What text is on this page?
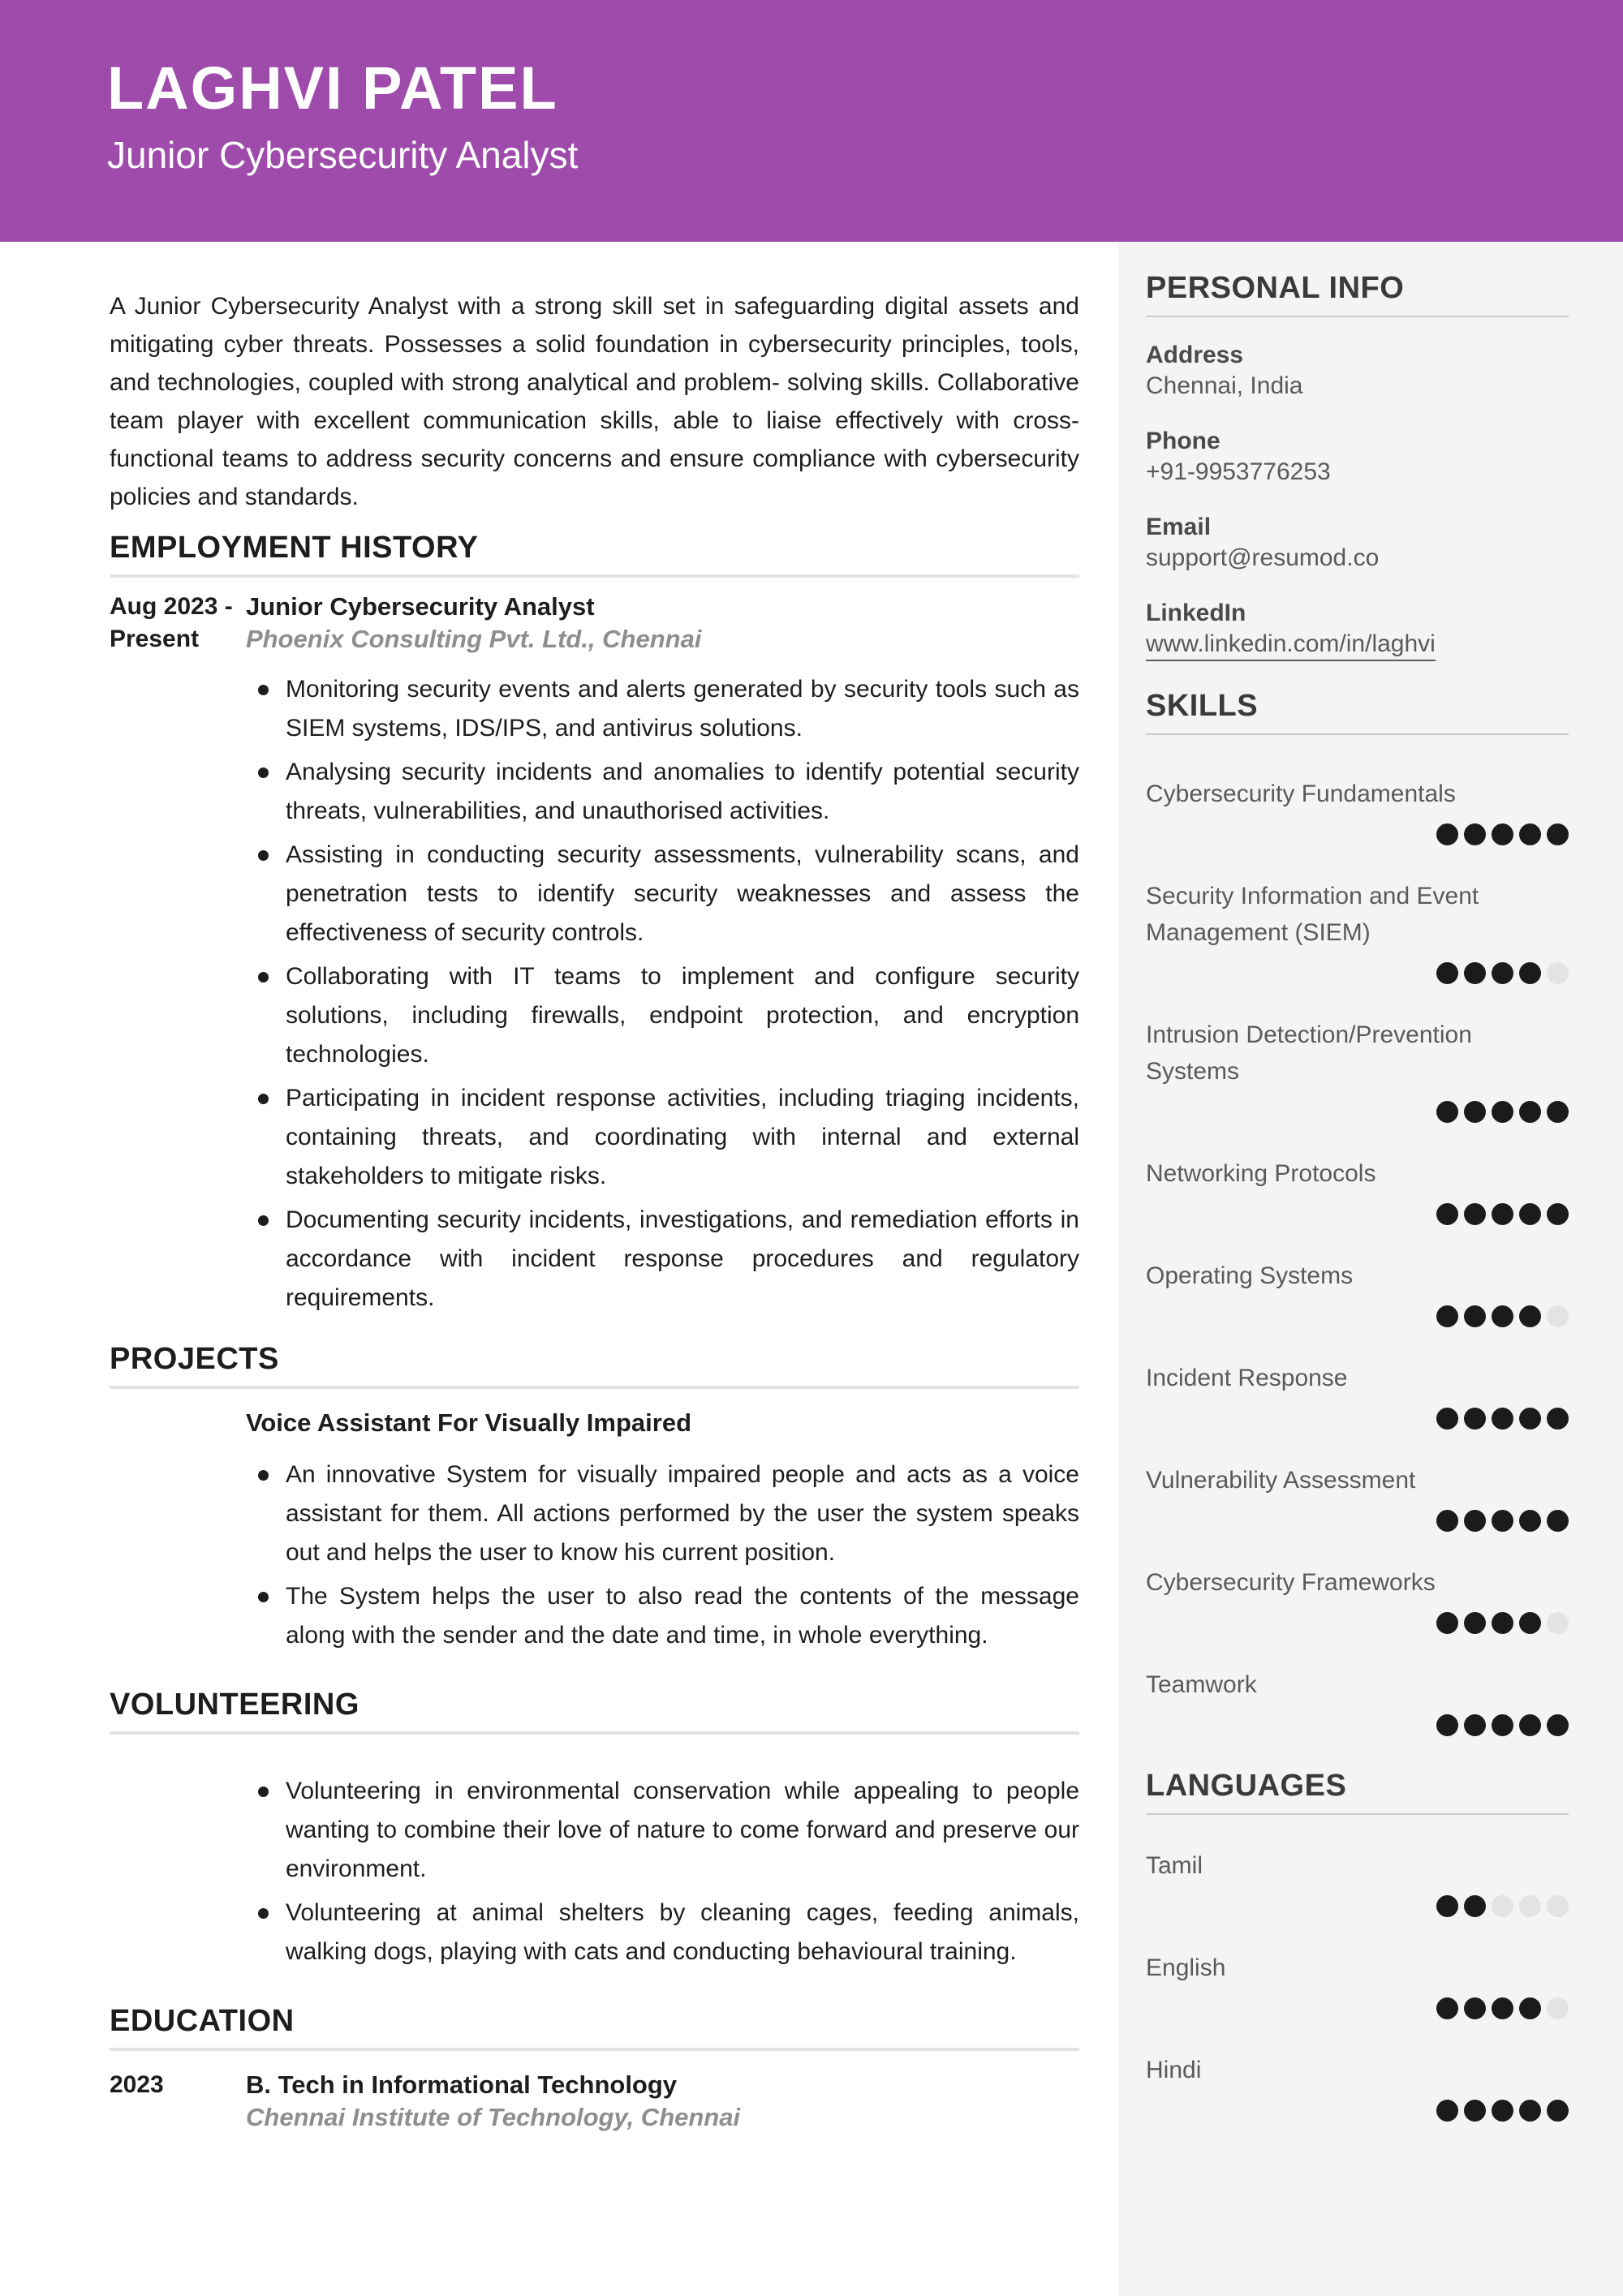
LAGHVI PATEL
Junior Cybersecurity Analyst
A Junior Cybersecurity Analyst with a strong skill set in safeguarding digital assets and mitigating cyber threats. Possesses a solid foundation in cybersecurity principles, tools, and technologies, coupled with strong analytical and problem- solving skills. Collaborative team player with excellent communication skills, able to liaise effectively with cross- functional teams to address security concerns and ensure compliance with cybersecurity policies and standards.
EMPLOYMENT HISTORY
Aug 2023 -
Present
Junior Cybersecurity Analyst
Phoenix Consulting Pvt. Ltd., Chennai
Monitoring security events and alerts generated by security tools such as SIEM systems, IDS/IPS, and antivirus solutions.
Analysing security incidents and anomalies to identify potential security threats, vulnerabilities, and unauthorised activities.
Assisting in conducting security assessments, vulnerability scans, and penetration tests to identify security weaknesses and assess the effectiveness of security controls.
Collaborating with IT teams to implement and configure security solutions, including firewalls, endpoint protection, and encryption technologies.
Participating in incident response activities, including triaging incidents, containing threats, and coordinating with internal and external stakeholders to mitigate risks.
Documenting security incidents, investigations, and remediation efforts in accordance with incident response procedures and regulatory requirements.
PROJECTS
Voice Assistant For Visually Impaired
An innovative System for visually impaired people and acts as a voice assistant for them. All actions performed by the user the system speaks out and helps the user to know his current position.
The System helps the user to also read the contents of the message along with the sender and the date and time, in whole everything.
VOLUNTEERING
Volunteering in environmental conservation while appealing to people wanting to combine their love of nature to come forward and preserve our environment.
Volunteering at animal shelters by cleaning cages, feeding animals, walking dogs, playing with cats and conducting behavioural training.
EDUCATION
2023	B. Tech in Informational Technology
Chennai Institute of Technology, Chennai
PERSONAL INFO
Address
Chennai, India
Phone
+91-9953776253
Email
support@resumod.co
LinkedIn
www.linkedin.com/in/laghvi
SKILLS
Cybersecurity Fundamentals
Security Information and Event Management (SIEM)
Intrusion Detection/Prevention Systems
Networking Protocols
Operating Systems
Incident Response
Vulnerability Assessment
Cybersecurity Frameworks
Teamwork
LANGUAGES
Tamil
English
Hindi
